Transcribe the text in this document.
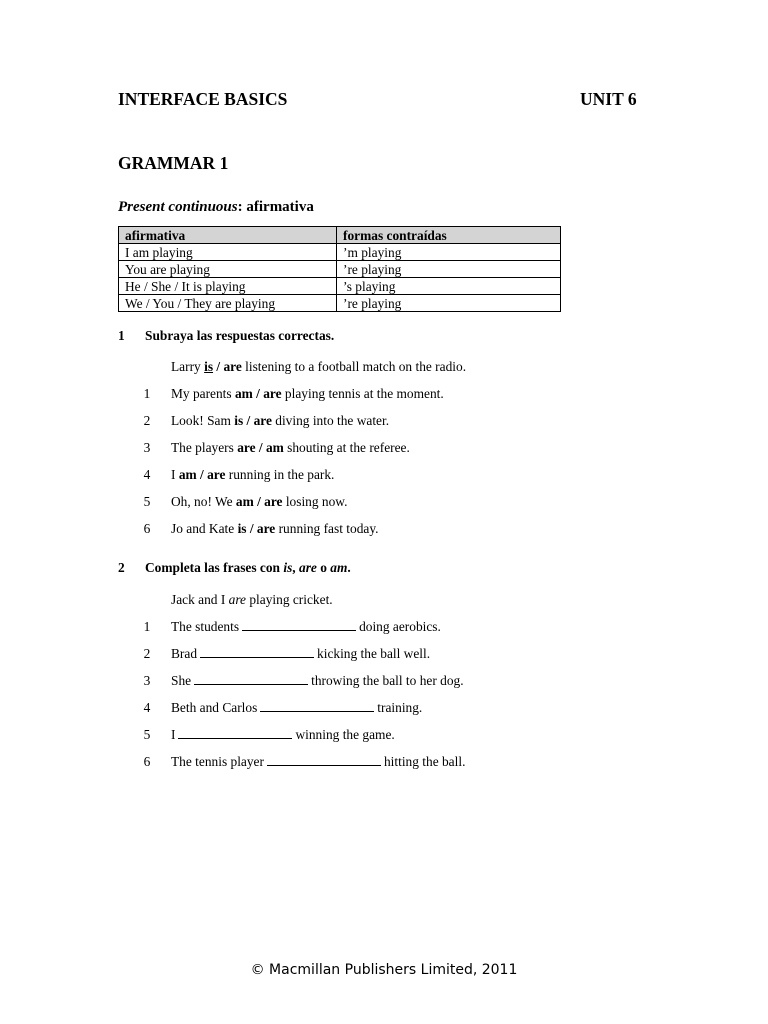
INTERFACE BASICS	UNIT 6
GRAMMAR 1
Present continuous: afirmativa
afirmativa	formas contraídas
I am playing	’m playing
You are playing	’re playing
He / She / It is playing	’s playing
We / You / They are playing	’re playing
1 Subraya las respuestas correctas.
Larry is / are listening to a football match on the radio.
1 My parents am / are playing tennis at the moment.
2 Look! Sam is / are diving into the water.
3 The players are / am shouting at the referee.
4 I am / are running in the park.
5 Oh, no! We am / are losing now.
6 Jo and Kate is / are running fast today.
2 Completa las frases con is, are o am.
Jack and I are playing cricket.
1 The students	doing aerobics.
2 Brad	kicking the ball well.
3 She	throwing the ball to her dog.
4 Beth and Carlos	training.
5 I	winning the game.
6 The tennis player	hitting the ball.
© Macmillan Publishers Limited, 2011
